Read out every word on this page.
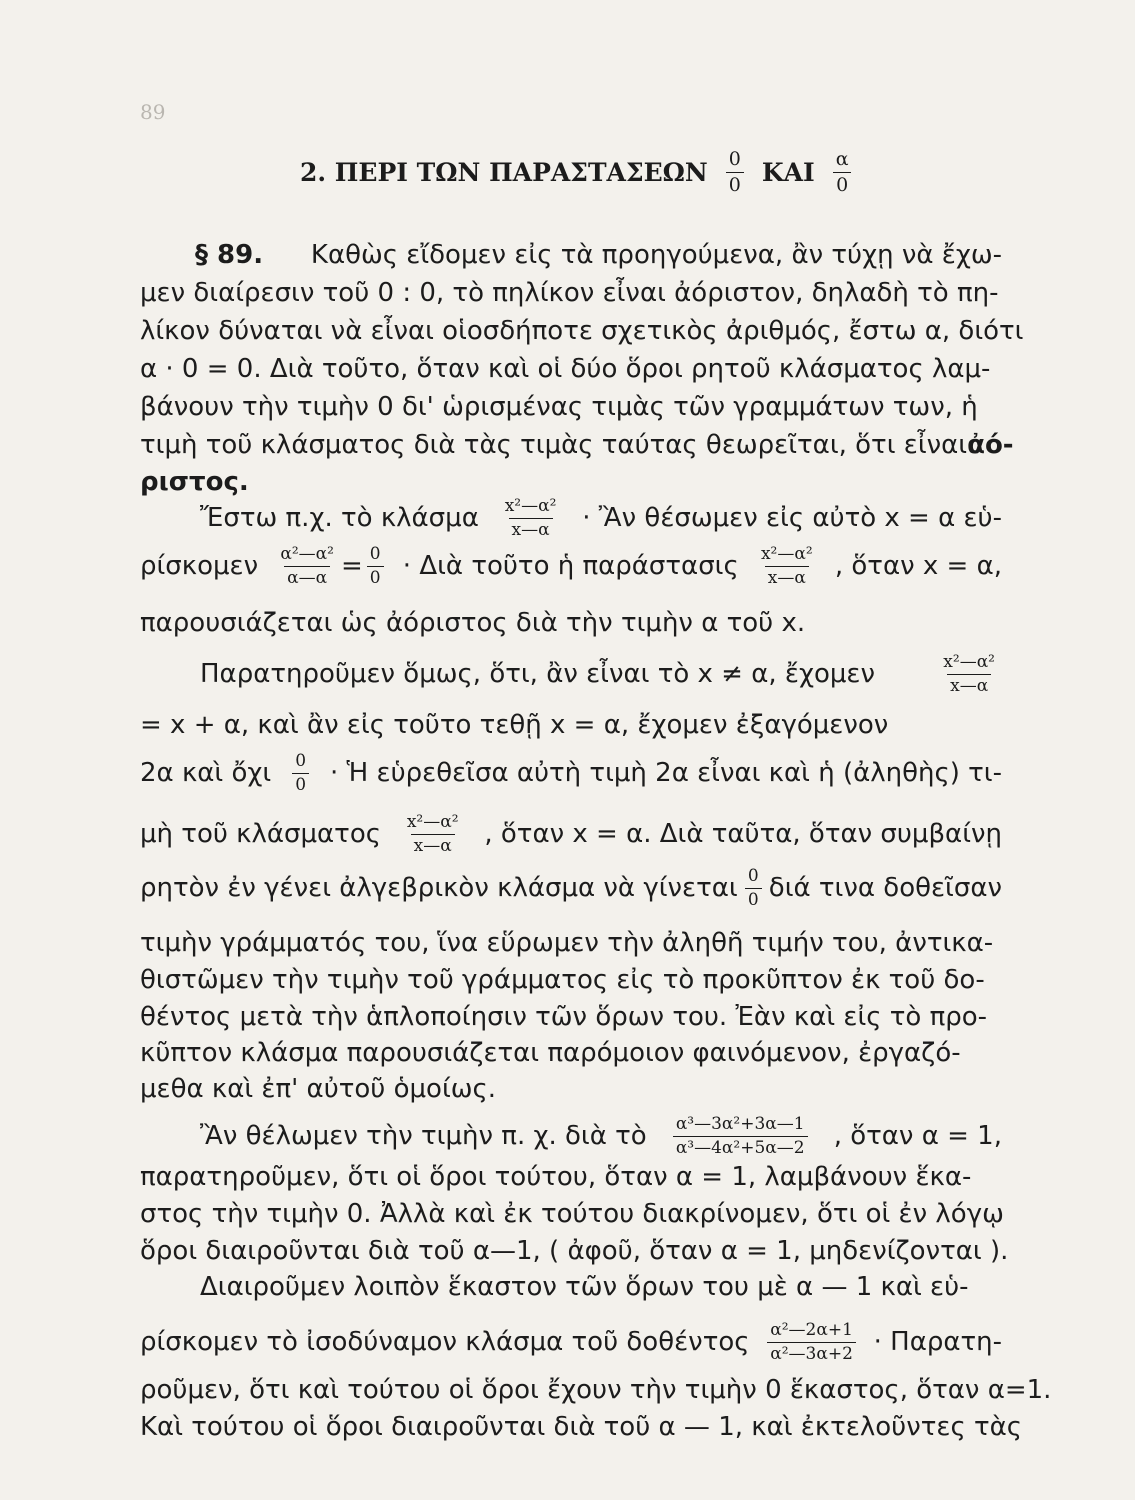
89
2. ΠΕΡΙ ΤΩΝ ΠΑΡΑΣΤΑΣΕΩΝ $\frac{0}{0}$ ΚΑΙ $\frac{\alpha}{0}$
§ 89. Καθὼς εἴδομεν εἰς τὰ προηγούμενα, ἂν τύχῃ νὰ ἔχω-
μεν διαίρεσιν τοῦ 0 : 0, τὸ πηλίκον εἶναι ἀόριστον, δηλαδὴ τὸ πη-
λίκον δύναται νὰ εἶναι οἱοσδήποτε σχετικὸς ἀριθμός, ἔστω α, διότι
α · 0 = 0. Διὰ τοῦτο, ὅταν καὶ οἱ δύο ὅροι ρητοῦ κλάσματος λαμ-
βάνουν τὴν τιμὴν 0 δι' ὡρισμένας τιμὰς τῶν γραμμάτων των, ἡ
τιμὴ τοῦ κλάσματος διὰ τὰς τιμὰς ταύτας θεωρεῖται, ὅτι εἶναι ἀό-
ριστος.
Ἔστω π.χ. τὸ κλάσμα $\frac{\text{x²—α²}}{x—\alpha}$ · Ἂν θέσωμεν εἰς αὐτὸ x = α εὑ-
ρίσκομεν $\frac{\text{α²—α²}}{\alpha—\alpha} = \frac{0}{0}$ · Διὰ τοῦτο ἡ παράστασις $\frac{\text{x²—α²}}{x—\alpha}$ , ὅταν x = α,
παρουσιάζεται ὡς ἀόριστος διὰ τὴν τιμὴν α τοῦ x.
Παρατηροῦμεν ὅμως, ὅτι, ἂν εἶναι τὸ x ≠ α, ἔχομεν	$\frac{\text{x²—α²}}{x—\alpha}$
= x + α, καὶ ἂν εἰς τοῦτο τεθῇ x = α, ἔχομεν ἐξαγόμενον
2α καὶ ὄχι $\frac{0}{0}$ · Ἡ εὑρεθεῖσα αὐτὴ τιμὴ 2α εἶναι καὶ ἡ (ἀληθὴς) τι-
μὴ τοῦ κλάσματος $\frac{\text{x²—α²}}{x—\alpha}$ , ὅταν x = α. Διὰ ταῦτα, ὅταν συμβαίνῃ
ρητὸν ἐν γένει ἀλγεβρικὸν κλάσμα νὰ γίνεται $\frac{0}{0}$ διά τινα δοθεῖσαν
τιμὴν γράμματός του, ἵνα εὕρωμεν τὴν ἀληθῆ τιμήν του, ἀντικα-
θιστῶμεν τὴν τιμὴν τοῦ γράμματος εἰς τὸ προκῦπτον ἐκ τοῦ δο-
θέντος μετὰ τὴν ἁπλοποίησιν τῶν ὅρων του. Ἐὰν καὶ εἰς τὸ προ-
κῦπτον κλάσμα παρουσιάζεται παρόμοιον φαινόμενον, ἐργαζό-
μεθα καὶ ἐπ' αὐτοῦ ὁμοίως.
Ἂν θέλωμεν τὴν τιμὴν π. χ. διὰ τὸ $\frac{\text{α³—3α²+3α—1}}{\text{α³—4α²+5α—2}}$ , ὅταν α = 1,
παρατηροῦμεν, ὅτι οἱ ὅροι τούτου, ὅταν α = 1, λαμβάνουν ἕκα-
στος τὴν τιμὴν 0. Ἀλλὰ καὶ ἐκ τούτου διακρίνομεν, ὅτι οἱ ἐν λόγῳ
ὅροι διαιροῦνται διὰ τοῦ α—1, ( ἀφοῦ, ὅταν α = 1, μηδενίζονται ).
Διαιροῦμεν λοιπὸν ἕκαστον τῶν ὅρων του μὲ α — 1 καὶ εὑ-
ρίσκομεν τὸ ἰσοδύναμον κλάσμα τοῦ δοθέντος $\frac{\text{α²—2α+1}}{\text{α²—3α+2}} \cdot \Pi\alpha\rho\alpha\tau\eta-$
ροῦμεν, ὅτι καὶ τούτου οἱ ὅροι ἔχουν τὴν τιμὴν 0 ἕκαστος, ὅταν α=1.
Καὶ τούτου οἱ ὅροι διαιροῦνται διὰ τοῦ α — 1, καὶ ἐκτελοῦντες τὰς
